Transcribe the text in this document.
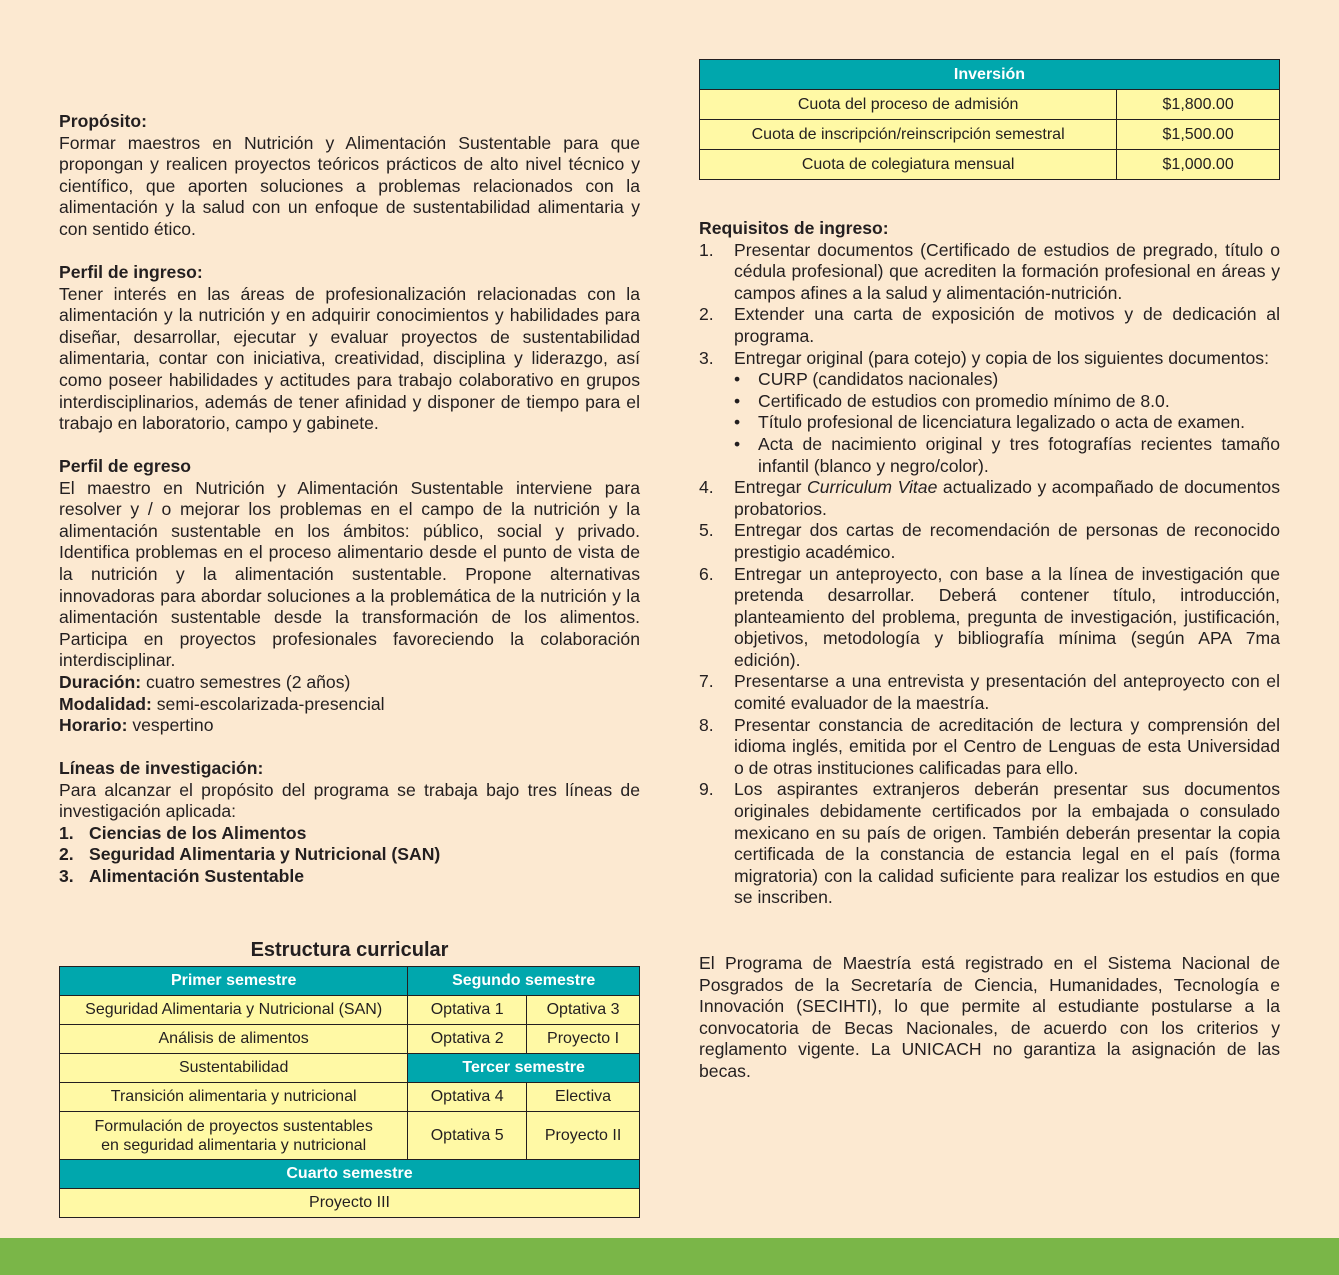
Propósito:
Formar maestros en Nutrición y Alimentación Sustentable para que propongan y realicen proyectos teóricos prácticos de alto nivel técnico y científico, que aporten soluciones a problemas relacionados con la alimentación y la salud con un enfoque de sustentabilidad alimentaria y con sentido ético.
Perfil de ingreso:
Tener interés en las áreas de profesionalización relacionadas con la alimentación y la nutrición y en adquirir conocimientos y habilidades para diseñar, desarrollar, ejecutar y evaluar proyectos de sustentabilidad alimentaria, contar con iniciativa, creatividad, disciplina y liderazgo, así como poseer habilidades y actitudes para trabajo colaborativo en grupos interdisciplinarios, además de tener afinidad y disponer de tiempo para el trabajo en laboratorio, campo y gabinete.
Perfil de egreso
El maestro en Nutrición y Alimentación Sustentable interviene para resolver y / o mejorar los problemas en el campo de la nutrición y la alimentación sustentable en los ámbitos: público, social y privado. Identifica problemas en el proceso alimentario desde el punto de vista de la nutrición y la alimentación sustentable. Propone alternativas innovadoras para abordar soluciones a la problemática de la nutrición y la alimentación sustentable desde la transformación de los alimentos. Participa en proyectos profesionales favoreciendo la colaboración interdisciplinar.
Duración: cuatro semestres (2 años)
Modalidad: semi-escolarizada-presencial
Horario: vespertino
Líneas de investigación:
Para alcanzar el propósito del programa se trabaja bajo tres líneas de investigación aplicada:
1. Ciencias de los Alimentos
2. Seguridad Alimentaria y Nutricional (SAN)
3. Alimentación Sustentable
Estructura curricular
Primer semestre	Segundo semestre	
Seguridad Alimentaria y Nutricional (SAN)	Optativa 1	Optativa 3
Análisis de alimentos	Optativa 2	Proyecto I
Sustentabilidad	Tercer semestre	
Transición alimentaria y nutricional	Optativa 4	Electiva

Formulación de proyectos sustentables
en seguridad alimentaria y nutricional	Optativa 5	Proyecto II
Cuarto semestre		
Proyecto III		
Inversión	
Cuota del proceso de admisión	$1,800.00
Cuota de inscripción/reinscripción semestral	$1,500.00
Cuota de colegiatura mensual	$1,000.00
Requisitos de ingreso:
1. Presentar documentos (Certificado de estudios de pregrado, título o cédula profesional) que acrediten la formación profesional en áreas y campos afines a la salud y alimentación-nutrición.
2. Extender una carta de exposición de motivos y de dedicación al programa.
3. Entregar original (para cotejo) y copia de los siguientes documentos:
• CURP (candidatos nacionales)
• Certificado de estudios con promedio mínimo de 8.0.
• Título profesional de licenciatura legalizado o acta de examen.
• Acta de nacimiento original y tres fotografías recientes tamaño infantil (blanco y negro/color).
4. Entregar Curriculum Vitae actualizado y acompañado de documentos probatorios.
5. Entregar dos cartas de recomendación de personas de reconocido prestigio académico.
6. Entregar un anteproyecto, con base a la línea de investigación que pretenda desarrollar. Deberá contener título, introducción, planteamiento del problema, pregunta de investigación, justificación, objetivos, metodología y bibliografía mínima (según APA 7ma edición).
7. Presentarse a una entrevista y presentación del anteproyecto con el comité evaluador de la maestría.
8. Presentar constancia de acreditación de lectura y comprensión del idioma inglés, emitida por el Centro de Lenguas de esta Universidad o de otras instituciones calificadas para ello.
9. Los aspirantes extranjeros deberán presentar sus documentos originales debidamente certificados por la embajada o consulado mexicano en su país de origen. También deberán presentar la copia certificada de la constancia de estancia legal en el país (forma migratoria) con la calidad suficiente para realizar los estudios en que se inscriben.
El Programa de Maestría está registrado en el Sistema Nacional de Posgrados de la Secretaría de Ciencia, Humanidades, Tecnología e Innovación (SECIHTI), lo que permite al estudiante postularse a la convocatoria de Becas Nacionales, de acuerdo con los criterios y reglamento vigente. La UNICACH no garantiza la asignación de las becas.
